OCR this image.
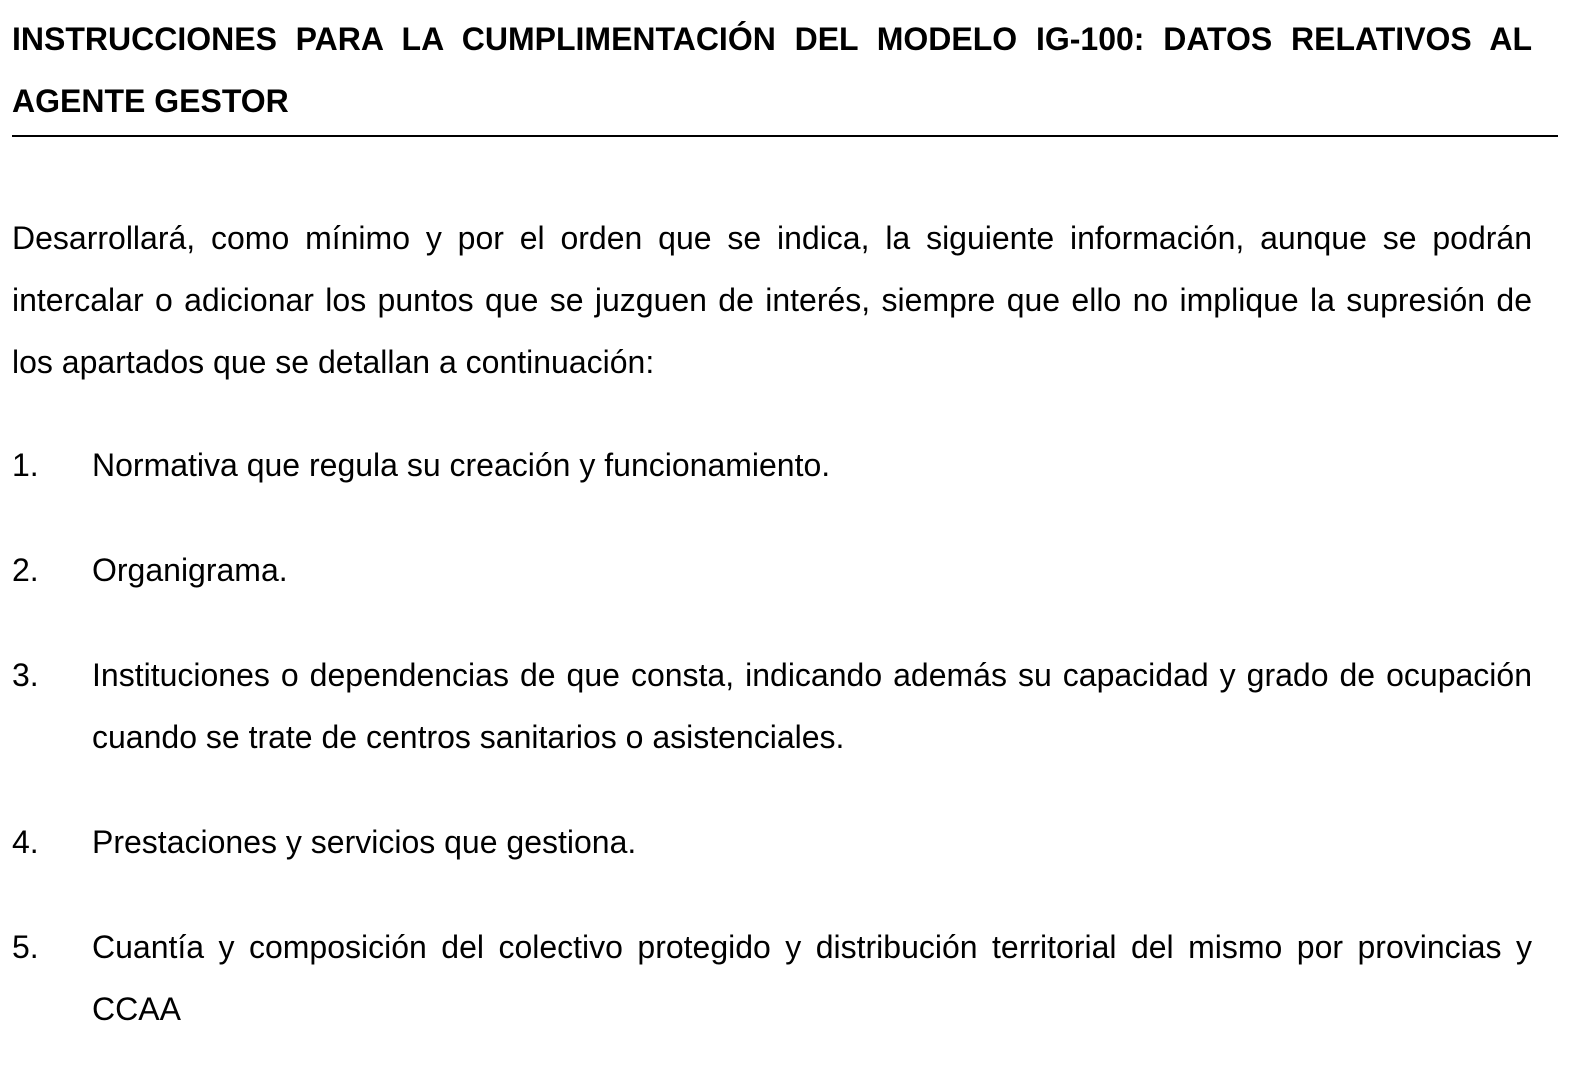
INSTRUCCIONES PARA LA CUMPLIMENTACIÓN DEL MODELO IG-100: DATOS RELATIVOS AL AGENTE GESTOR

Desarrollará, como mínimo y por el orden que se indica, la siguiente información, aunque se podrán intercalar o adicionar los puntos que se juzguen de interés, siempre que ello no implique la supresión de los apartados que se detallan a continuación:

1.	Normativa que regula su creación y funcionamiento.
2.	Organigrama.
3.	Instituciones o dependencias de que consta, indicando además su capacidad y grado de ocupación cuando se trate de centros sanitarios o asistenciales.
4.	Prestaciones y servicios que gestiona.
5.	Cuantía y composición del colectivo protegido y distribución territorial del mismo por provincias y CCAA
